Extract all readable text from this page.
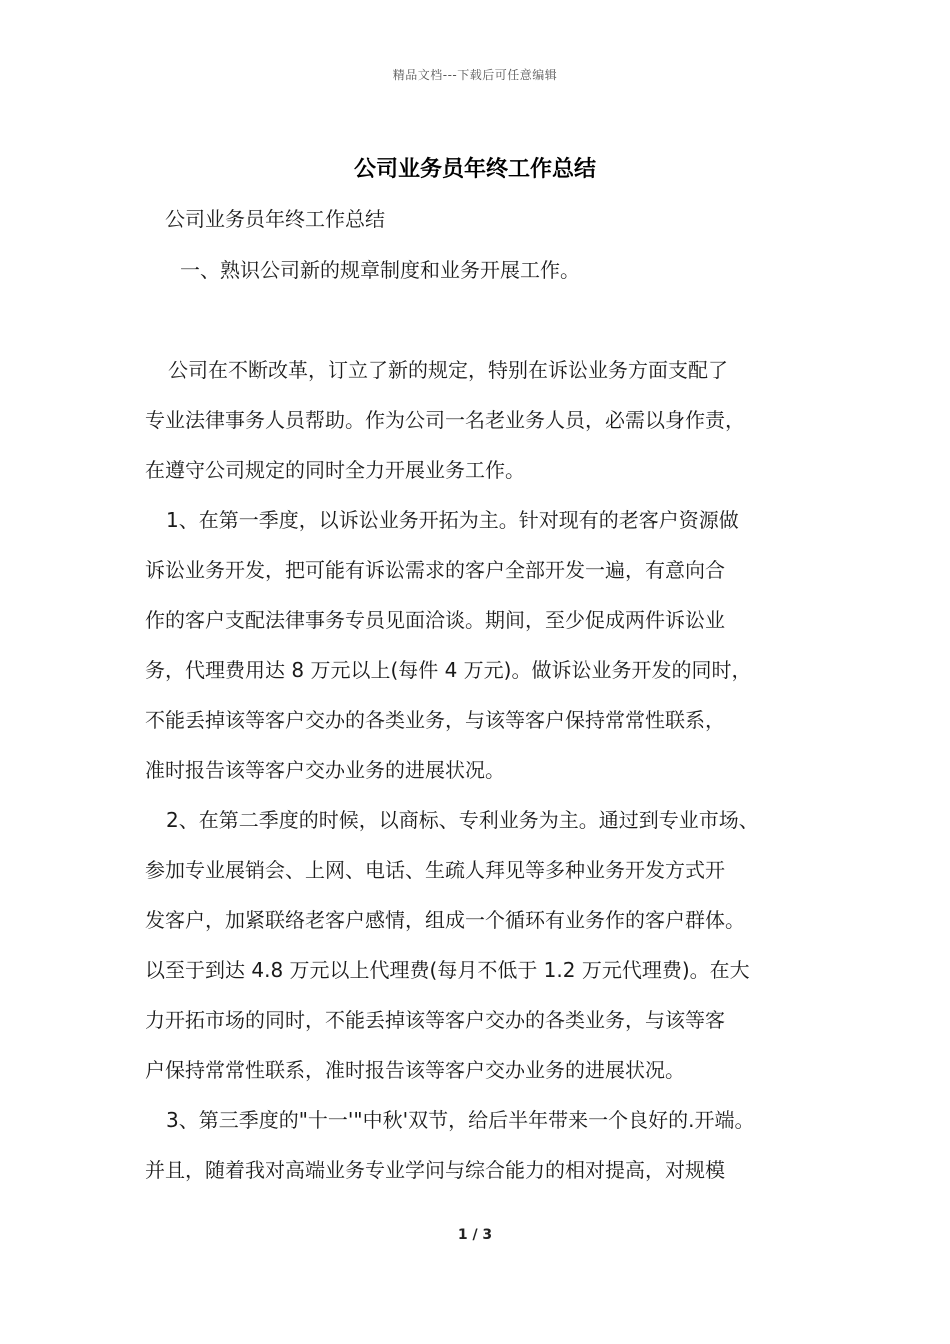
精品文档---下载后可任意编辑
公司业务员年终工作总结
公司业务员年终工作总结
一、熟识公司新的规章制度和业务开展工作。
公司在不断改革，订立了新的规定，特别在诉讼业务方面支配了
专业法律事务人员帮助。作为公司一名老业务人员，必需以身作责，
在遵守公司规定的同时全力开展业务工作。
1、在第一季度，以诉讼业务开拓为主。针对现有的老客户资源做
诉讼业务开发，把可能有诉讼需求的客户全部开发一遍，有意向合
作的客户支配法律事务专员见面洽谈。期间，至少促成两件诉讼业
务，代理费用达 8 万元以上(每件 4 万元)。做诉讼业务开发的同时，
不能丢掉该等客户交办的各类业务，与该等客户保持常常性联系，
准时报告该等客户交办业务的进展状况。
2、在第二季度的时候，以商标、专利业务为主。通过到专业市场、
参加专业展销会、上网、电话、生疏人拜见等多种业务开发方式开
发客户，加紧联络老客户感情，组成一个循环有业务作的客户群体。
以至于到达 4.8 万元以上代理费(每月不低于 1.2 万元代理费)。在大
力开拓市场的同时，不能丢掉该等客户交办的各类业务，与该等客
户保持常常性联系，准时报告该等客户交办业务的进展状况。
3、第三季度的"十一'"中秋'双节，给后半年带来一个良好的.开端。
并且，随着我对高端业务专业学问与综合能力的相对提高，对规模
1 / 3
